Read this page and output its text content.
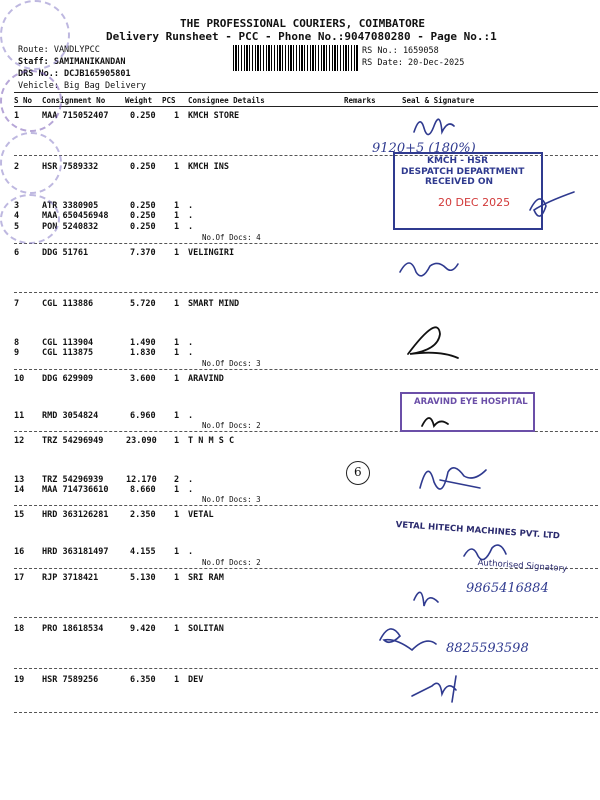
THE PROFESSIONAL COURIERS, COIMBATORE
Delivery Runsheet - PCC - Phone No.:9047080280 - Page No.:1
Route: VANDLYPCC
Staff: SAMIMANIKANDAN
DRS No.: DCJB165905801
Vehicle: Big Bag Delivery
RS No.: 1659058
RS Date: 20-Dec-2025
S No Consignment No	Weight PCS Consignee Details	Remarks	Seal & Signature
1	MAA 715052407	0.250 1 KMCH STORE
2	HSR 7589332	0.250 1 KMCH INS
3	ATR 3380905	0.250 1 .
4	MAA 650456948	0.250 1 .
5	PON 5240832	0.250 1 .
No.Of Docs: 4
6	DDG 51761	7.370 1 VELINGIRI
7	CGL 113886	5.720 1 SMART MIND
8	CGL 113904	1.490 1 .
9	CGL 113875	1.830 1 .
No.Of Docs: 3
10 DDG 629909	3.600 1 ARAVIND
11 RMD 3054824	6.960 1 .
No.Of Docs: 2
12 TRZ 54296949	23.090 1 T N M S C
13 TRZ 54296939	12.170 2 .
14 MAA 714736610	8.660 1 .
No.Of Docs: 3
15 HRD 363126281	2.350 1 VETAL
16 HRD 363181497	4.155 1 .
No.Of Docs: 2
17 RJP 3718421	5.130 1 SRI RAM
18 PRO 18618534	9.420 1 SOLITAN
19 HSR 7589256	6.350 1 DEV
KMCH - HSR
DESPATCH DEPARTMENT
RECEIVED ON
20 DEC 2025
9120+5 (180%)
ARAVIND EYE HOSPITAL
VETAL HITECH MACHINES PVT. LTD
Authorised Signatory
6
9865416884
8825593598
